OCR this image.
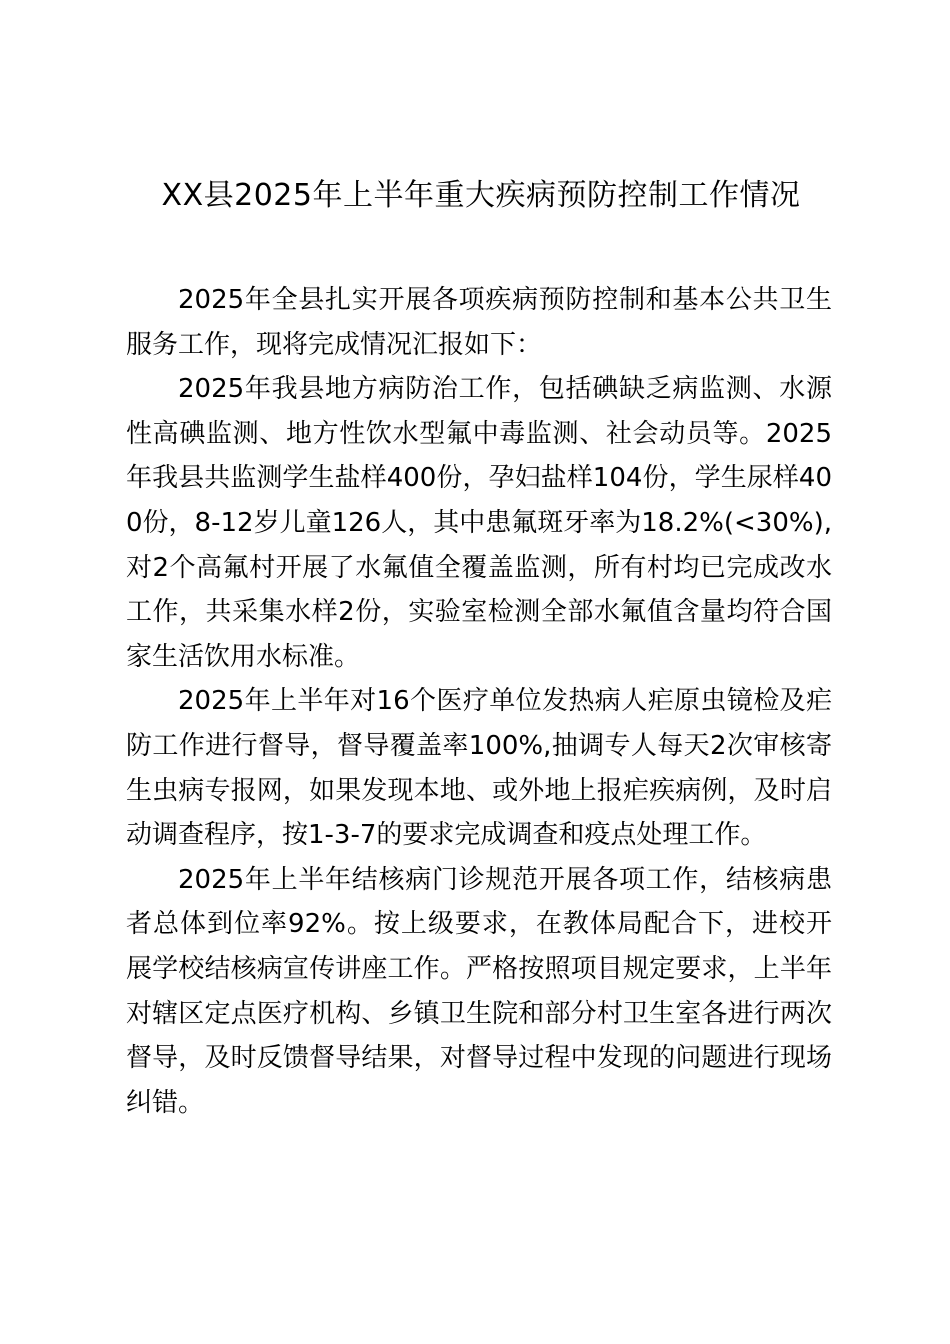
XX县2025年上半年重大疾病预防控制工作情况

2025年全县扎实开展各项疾病预防控制和基本公共卫生服务工作，现将完成情况汇报如下：

2025年我县地方病防治工作，包括碘缺乏病监测、水源性高碘监测、地方性饮水型氟中毒监测、社会动员等。2025年我县共监测学生盐样400份，孕妇盐样104份，学生尿样400份，8-12岁儿童126人，其中患氟斑牙率为18.2%(<30%),对2个高氟村开展了水氟值全覆盖监测，所有村均已完成改水工作，共采集水样2份，实验室检测全部水氟值含量均符合国家生活饮用水标准。

2025年上半年对16个医疗单位发热病人疟原虫镜检及疟防工作进行督导，督导覆盖率100%,抽调专人每天2次审核寄生虫病专报网，如果发现本地、或外地上报疟疾病例，及时启动调查程序，按1-3-7的要求完成调查和疫点处理工作。

2025年上半年结核病门诊规范开展各项工作，结核病患者总体到位率92%。按上级要求，在教体局配合下，进校开展学校结核病宣传讲座工作。严格按照项目规定要求，上半年对辖区定点医疗机构、乡镇卫生院和部分村卫生室各进行两次督导，及时反馈督导结果，对督导过程中发现的问题进行现场纠错。
